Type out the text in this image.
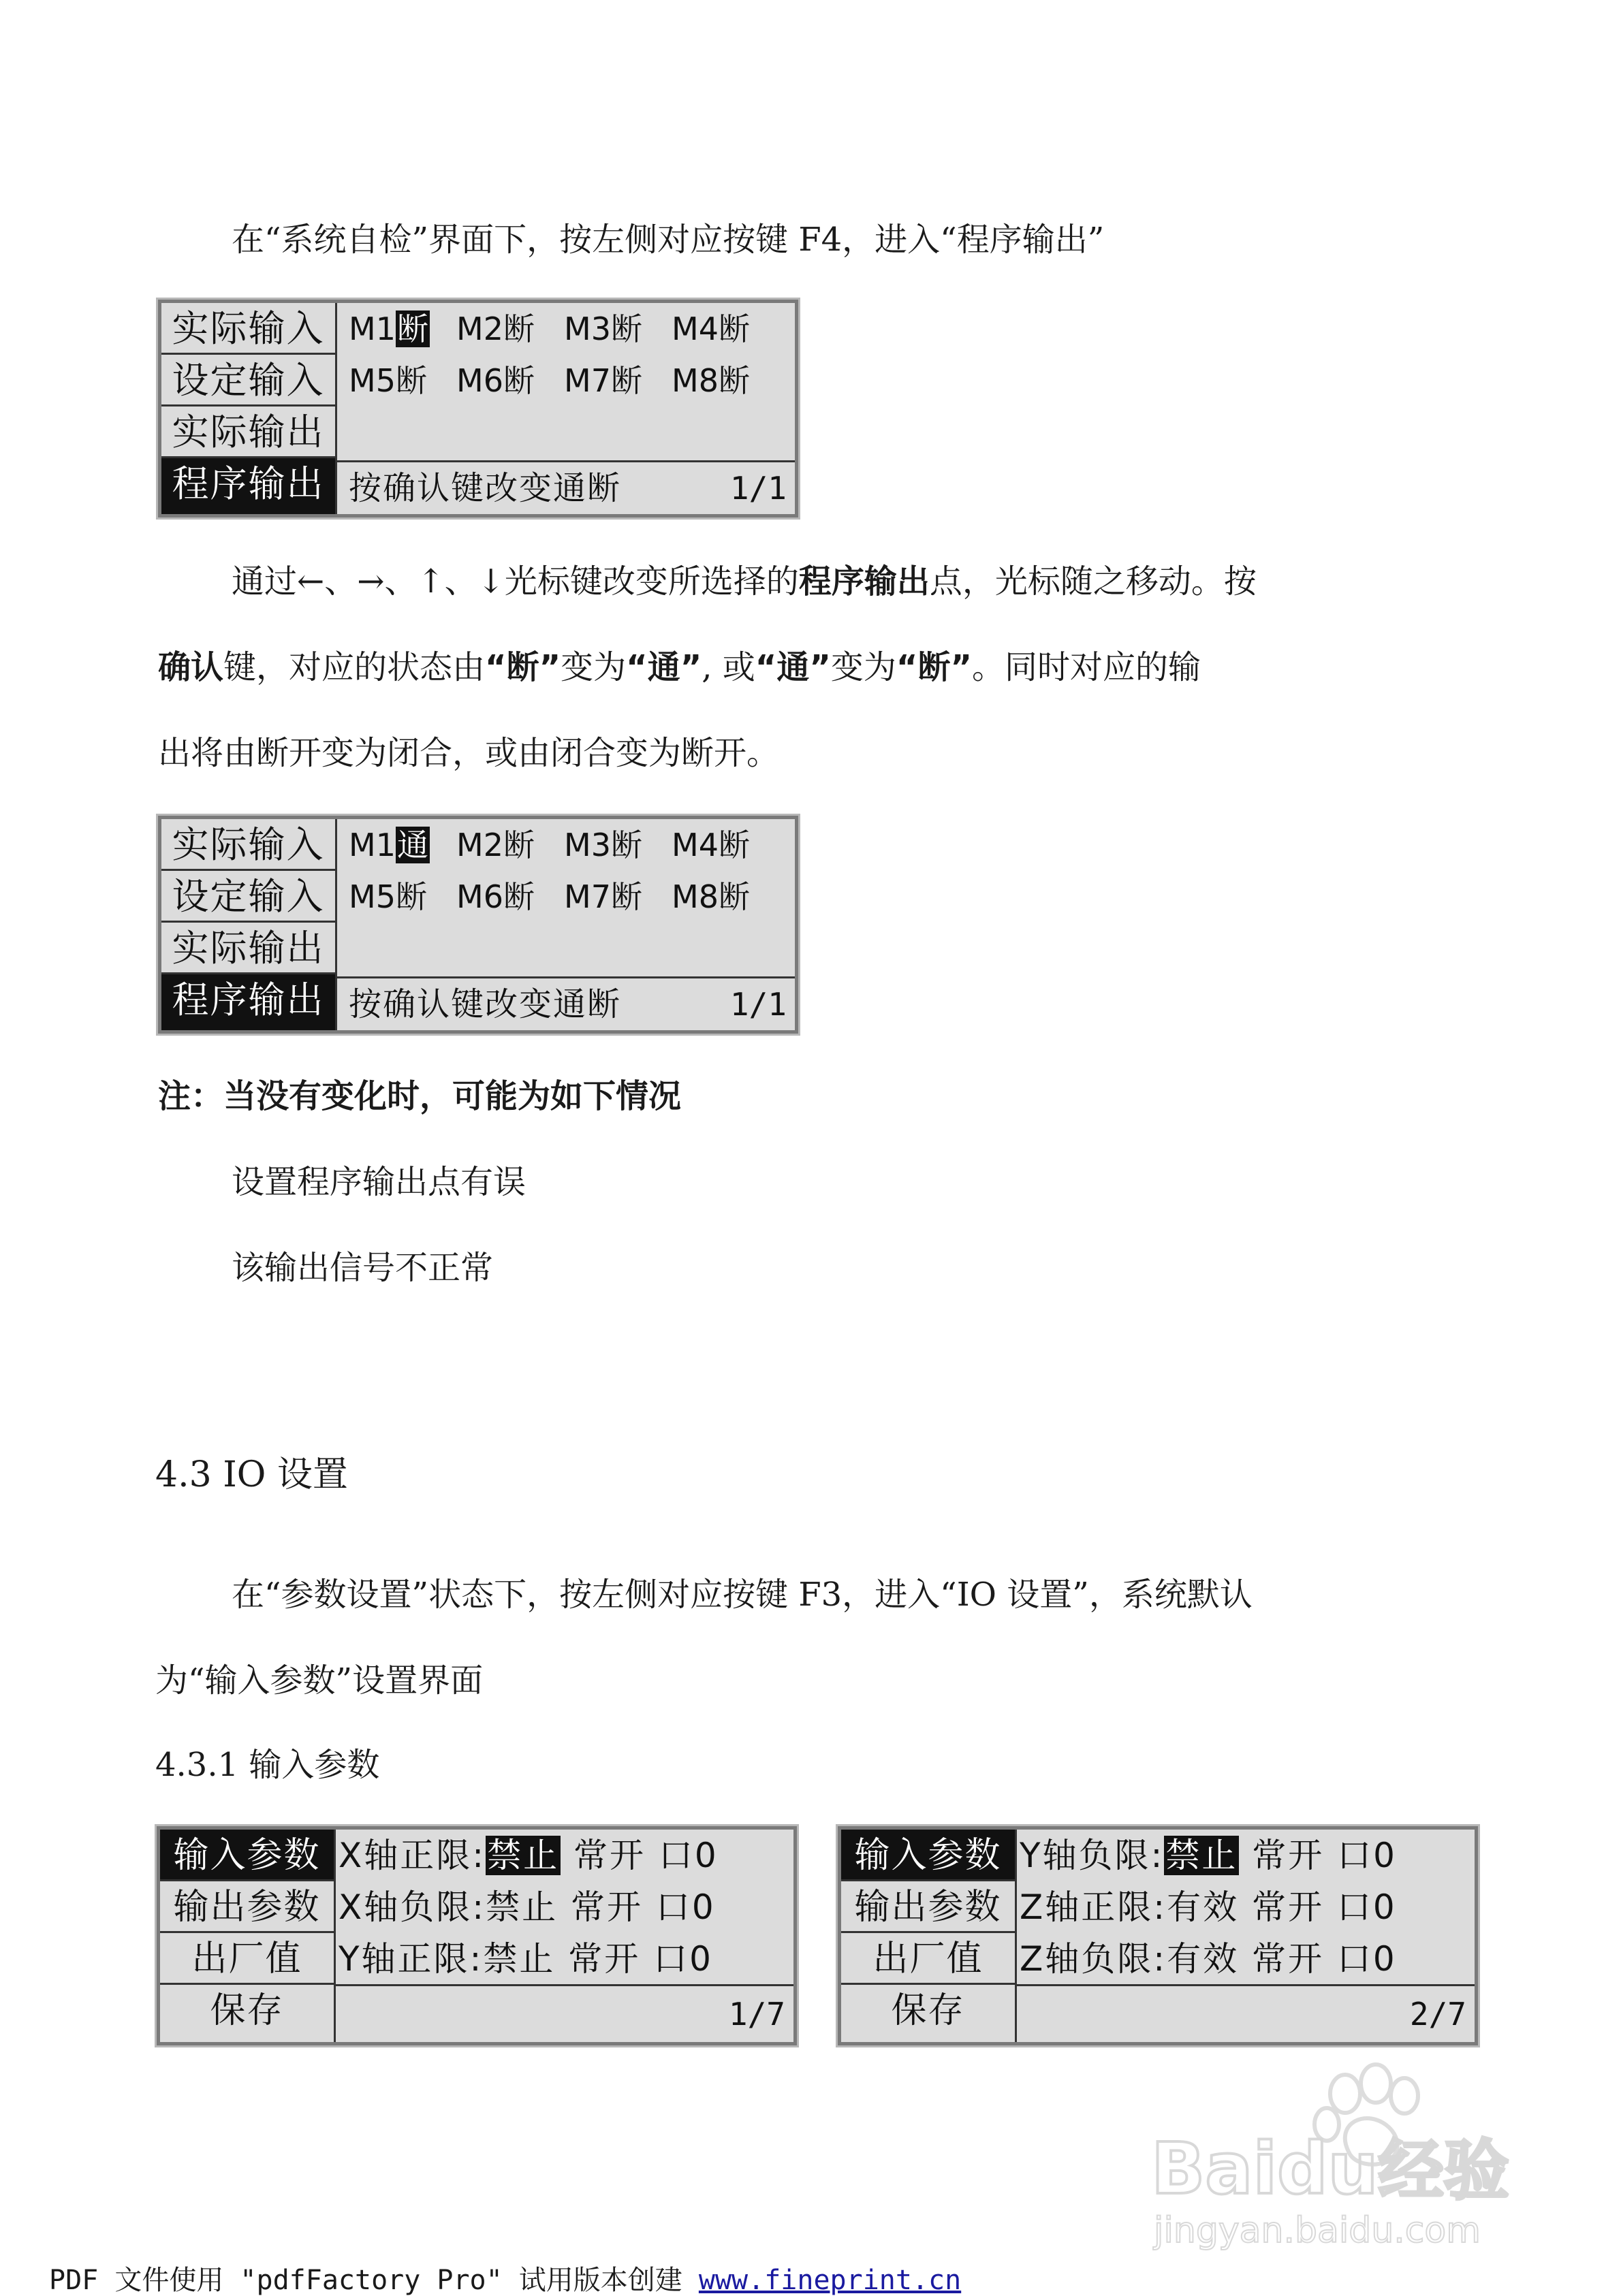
在“系统自检”界面下，按左侧对应按键 F4，进入“程序输出”
实际输入
设定输入
实际输出
程序输出
M1断 M2断 M3断 M4断
M5断 M6断 M7断 M8断
按确认键改变通断	1/1
通过←、→、↑、↓光标键改变所选择的程序输出点，光标随之移动。按
确认键，对应的状态由“断”变为“通”, 或“通”变为“断”。同时对应的输
出将由断开变为闭合，或由闭合变为断开。
实际输入
设定输入
实际输出
程序输出
M1通 M2断 M3断 M4断
M5断 M6断 M7断 M8断
按确认键改变通断	1/1
注：当没有变化时，可能为如下情况
设置程序输出点有误
该输出信号不正常
4.3 IO 设置
在“参数设置”状态下，按左侧对应按键 F3，进入“IO 设置”，系统默认
为“输入参数”设置界面
4.3.1 输入参数
输入参数
输出参数
出厂值
保存
X轴正限:禁止 常开 口0
X轴负限:禁止 常开 口0
Y轴正限:禁止 常开 口0
1/7
输入参数
输出参数
出厂值
保存
Y轴负限:禁止 常开 口0
Z轴正限:有效 常开 口0
Z轴负限:有效 常开 口0
2/7
Baidu经验
jingyan.baidu.com
PDF 文件使用 "pdfFactory Pro" 试用版本创建 www.fineprint.cn
